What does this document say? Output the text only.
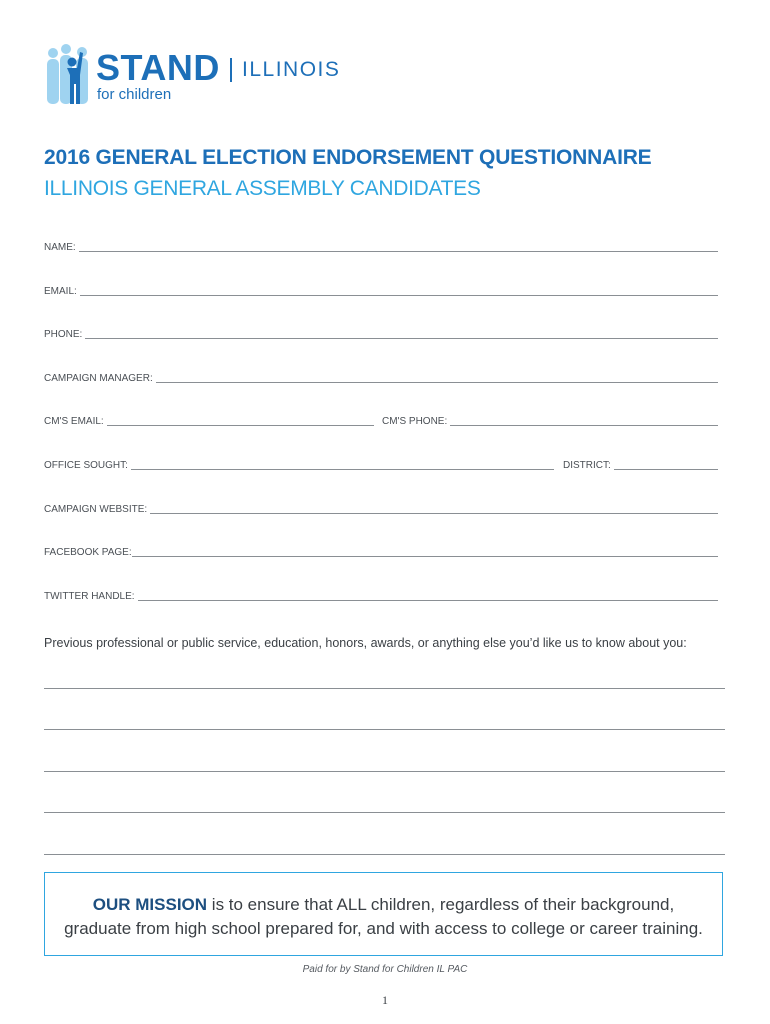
STAND
for children
ILLINOIS
2016 GENERAL ELECTION ENDORSEMENT QUESTIONNAIRE
ILLINOIS GENERAL ASSEMBLY CANDIDATES
NAME:
EMAIL:
PHONE:
CAMPAIGN MANAGER:
CM'S EMAIL:	CM'S PHONE:
OFFICE SOUGHT:	DISTRICT:
CAMPAIGN WEBSITE:
FACEBOOK PAGE:
TWITTER HANDLE:
Previous professional or public service, education, honors, awards, or anything else you’d like us to know about you:
OUR MISSION is to ensure that ALL children, regardless of their background,
graduate from high school prepared for, and with access to college or career training.
Paid for by Stand for Children IL PAC
1
